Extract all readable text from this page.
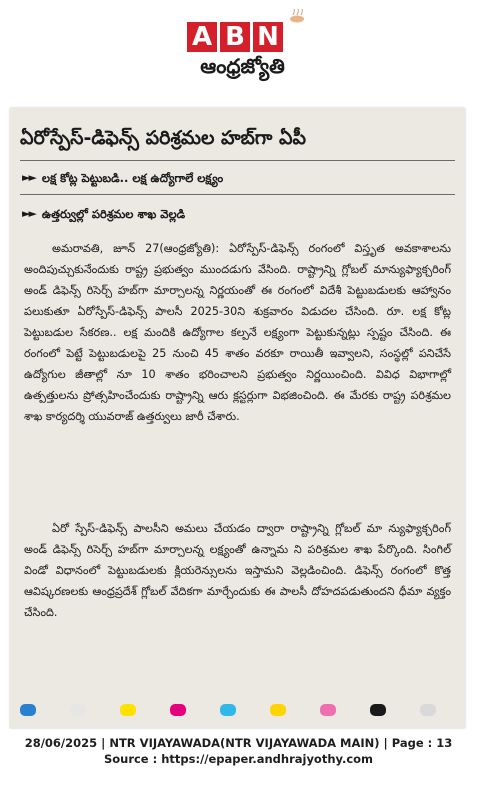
A B N
ఆంధ్రజ్యోతి
ఏరోస్పేస్-డిఫెన్స్ పరిశ్రమల హబ్‌గా ఏపీ
►► లక్ష కోట్ల పెట్టుబడి.. లక్ష ఉద్యోగాలే లక్ష్యం
►► ఉత్తర్వుల్లో పరిశ్రమల శాఖ వెల్లడి

అమరావతి, జూన్ 27(ఆంధ్రజ్యోతి): ఏరోస్పేస్-డిఫెన్స్ రంగంలో విస్తృత అవకాశాలను అందిపుచ్చుకునేందుకు రాష్ట్ర ప్రభుత్వం ముందడుగు వేసింది. రాష్ట్రాన్ని గ్లోబల్ మాన్యుఫ్యాక్చరింగ్ అండ్ డిఫెన్స్ రిసెర్చ్ హబ్‌గా మార్చాలన్న నిర్ణయంతో ఈ రంగంలో విదేశీ పెట్టుబడులకు ఆహ్వానం పలుకుతూ ఏరోస్పేస్-డిఫెన్స్ పాలసీ 2025-30ని శుక్రవారం విడుదల చేసింది. రూ. లక్ష కోట్ల పెట్టుబడుల సేకరణ.. లక్ష మందికి ఉద్యోగాల కల్పనే లక్ష్యంగా పెట్టుకున్నట్లు స్పష్టం చేసింది. ఈ రంగంలో పెట్టే పెట్టుబడులపై 25 నుంచి 45 శాతం వరకూ రాయితీ ఇవ్వాలని, సంస్థల్లో పనిచేసే ఉద్యోగుల జీతాల్లో నూ 10 శాతం భరించాలని ప్రభుత్వం నిర్ణయించింది. వివిధ విభాగాల్లో ఉత్పత్తులను ప్రోత్సహించేందుకు రాష్ట్రాన్ని ఆరు క్లస్టర్లుగా విభజించింది. ఈ మేరకు రాష్ట్ర పరిశ్రమల శాఖ కార్యదర్శి యువరాజ్ ఉత్తర్వులు జారీ చేశారు.

ఏరో స్పేస్-డిఫెన్స్ పాలసీని అమలు చేయడం ద్వారా రాష్ట్రాన్ని గ్లోబల్ మా న్యుఫ్యాక్చరింగ్ అండ్ డిఫెన్స్ రిసెర్చ్ హబ్‌గా మార్చాలన్న లక్ష్యంతో ఉన్నామ ని పరిశ్రమల శాఖ పేర్కొంది. సింగిల్ విండో విధానంలో పెట్టుబడులకు క్లియరెన్సులను ఇస్తామని వెల్లడించింది. డిఫెన్స్ రంగంలో కొత్త ఆవిష్కరణలకు ఆంధ్రప్రదేశ్ గ్లోబల్ వేదికగా మార్చేందుకు ఈ పాలసీ దోహదపడుతుందని ధీమా వ్యక్తం చేసింది.

28/06/2025 | NTR VIJAYAWADA(NTR VIJAYAWADA MAIN) | Page : 13
Source : https://epaper.andhrajyothy.com
